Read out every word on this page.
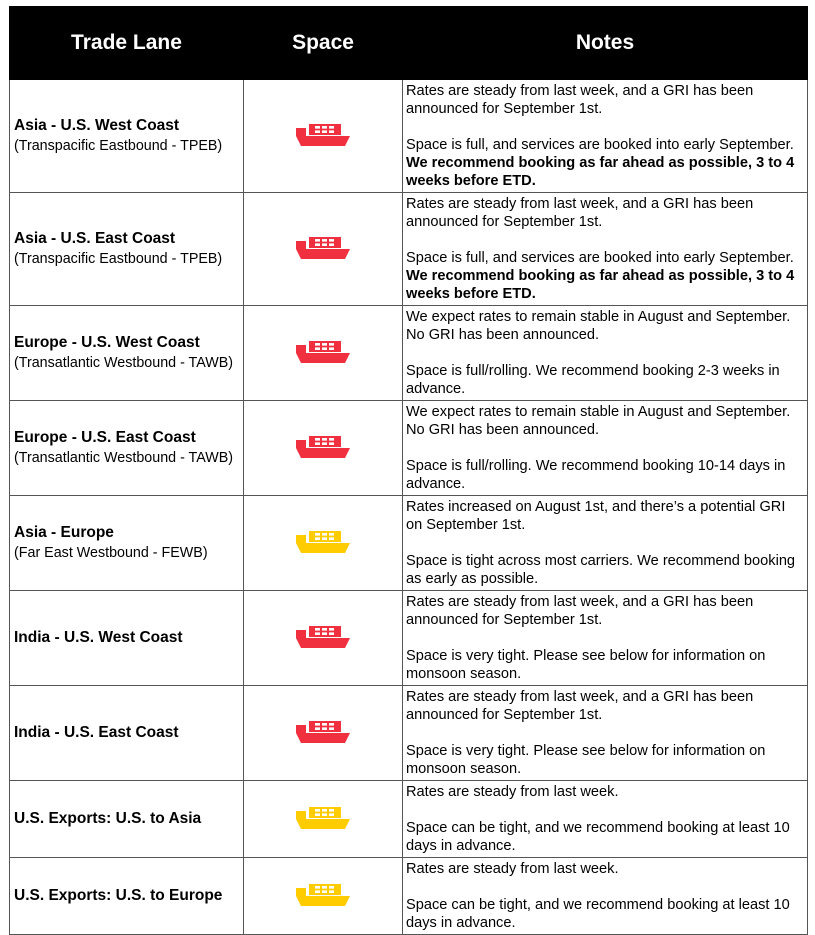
Trade Lane	Space	Notes

Asia - U.S. West Coast
(Transpacific Eastbound - TPEB)		Rates are steady from last week, and a GRI has been announced for September 1st.
Space is full, and services are booked into early September.
We recommend booking as far ahead as possible, 3 to 4 weeks before ETD.

Asia - U.S. East Coast
(Transpacific Eastbound - TPEB)		Rates are steady from last week, and a GRI has been announced for September 1st.
Space is full, and services are booked into early September.
We recommend booking as far ahead as possible, 3 to 4 weeks before ETD.

Europe - U.S. West Coast
(Transatlantic Westbound - TAWB)		We expect rates to remain stable in August and September. No GRI has been announced.
Space is full/rolling. We recommend booking 2-3 weeks in advance.

Europe - U.S. East Coast
(Transatlantic Westbound - TAWB)		We expect rates to remain stable in August and September. No GRI has been announced.
Space is full/rolling. We recommend booking 10-14 days in advance.

Asia - Europe
(Far East Westbound - FEWB)		Rates increased on August 1st, and there’s a potential GRI on September 1st.
Space is tight across most carriers. We recommend booking as early as possible.

India - U.S. West Coast		Rates are steady from last week, and a GRI has been announced for September 1st.
Space is very tight. Please see below for information on monsoon season.

India - U.S. East Coast		Rates are steady from last week, and a GRI has been announced for September 1st.
Space is very tight. Please see below for information on monsoon season.

U.S. Exports: U.S. to Asia		Rates are steady from last week.
Space can be tight, and we recommend booking at least 10 days in advance.

U.S. Exports: U.S. to Europe		Rates are steady from last week.
Space can be tight, and we recommend booking at least 10 days in advance.
